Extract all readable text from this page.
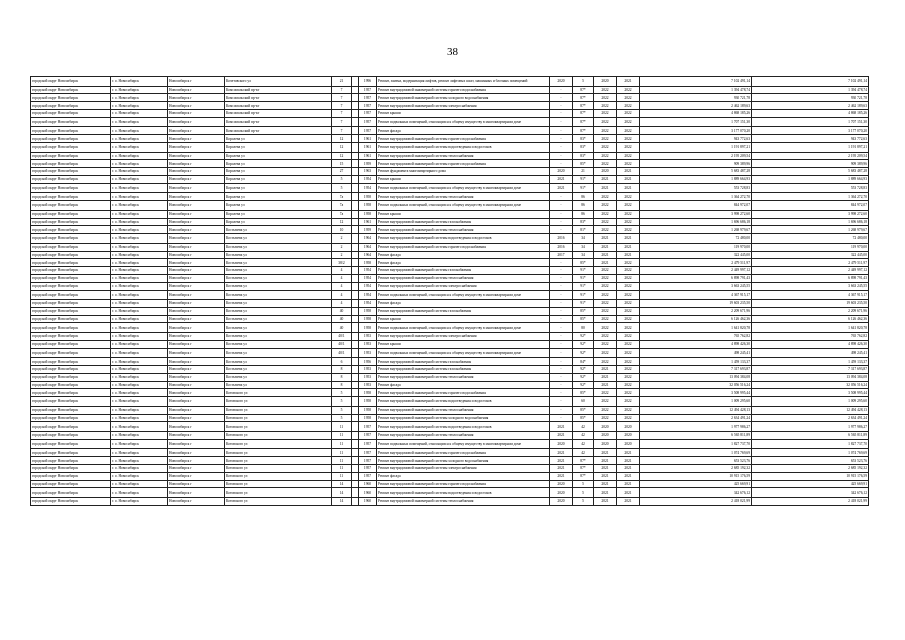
38
городской округ Новосибирск	г. о. Новосибирск	Новосибирск г	Кочетовского ул	21		1996	Ремонт, замена, модернизация лифтов, ремонт лифтовых шахт, машинных и блочных помещений	2020	5	2020	2021	7 102 491,14	7 102 491,14
городской округ Новосибирск	г. о. Новосибирск	Новосибирск г	Комсомольский пр-кт	7		1957	Ремонт внутридомовой инженерной системы горячего водоснабжения	-	87*	2022	2022	1 394 478,74	1 394 478,74
городской округ Новосибирск	г. о. Новосибирск	Новосибирск г	Комсомольский пр-кт	7		1957	Ремонт внутридомовой инженерной системы холодного водоснабжения	-	87*	2022	2022	930 721,78	930 721,78
городской округ Новосибирск	г. о. Новосибирск	Новосибирск г	Комсомольский пр-кт	7		1957	Ремонт внутридомовой инженерной системы электроснабжения	-	87*	2022	2022	2 462 189,63	2 462 189,63
городской округ Новосибирск	г. о. Новосибирск	Новосибирск г	Комсомольский пр-кт	7		1957	Ремонт крыши	-	87*	2022	2022	4 868 185,26	4 868 185,26
городской округ Новосибирск	г. о. Новосибирск	Новосибирск г	Комсомольский пр-кт	7		1957	Ремонт подвальных помещений, относящихся к общему имуществу в многоквартирном доме	-	87*	2022	2022	1 707 151,30	1 707 151,30
городской округ Новосибирск	г. о. Новосибирск	Новосибирск г	Комсомольский пр-кт	7		1957	Ремонт фасада	-	87*	2022	2022	3 177 070,20	3 177 070,20
городской округ Новосибирск	г. о. Новосибирск	Новосибирск г	Королева ул	12		1961	Ремонт внутридомовой инженерной системы горячего водоснабжения	-	83*	2022	2022	943 772,63	943 772,63
городской округ Новосибирск	г. о. Новосибирск	Новосибирск г	Королева ул	12		1961	Ремонт внутридомовой инженерной системы водоотведения и водостоков	-	83*	2022	2022	1 191 897,21	1 191 897,21
городской округ Новосибирск	г. о. Новосибирск	Новосибирск г	Королева ул	12		1961	Ремонт внутридомовой инженерной системы теплоснабжения	-	83*	2022	2022	2 195 209,54	2 195 209,54
городской округ Новосибирск	г. о. Новосибирск	Новосибирск г	Королева ул	15		1959	Ремонт внутридомовой инженерной системы горячего водоснабжения	-	85*	2022	2022	909 389,96	909 389,96
городской округ Новосибирск	г. о. Новосибирск	Новосибирск г	Королева ул	27		1963	Ремонт фундамента многоквартирного дома	2020	21	2020	2021	5 683 487,28	5 683 487,28
городской округ Новосибирск	г. о. Новосибирск	Новосибирск г	Королева ул	5		1954	Ремонт крыши	2021	91*	2021	2021	1 889 664,93	1 889 664,93
городской округ Новосибирск	г. о. Новосибирск	Новосибирск г	Королева ул	5		1954	Ремонт подвальных помещений, относящихся к общему имуществу в многоквартирном доме	2021	91*	2021	2021	553 728,83	553 728,83
городской округ Новосибирск	г. о. Новосибирск	Новосибирск г	Королева ул	7а		1958	Ремонт внутридомовой инженерной системы теплоснабжения	-	86	2022	2022	1 364 272,70	1 364 272,70
городской округ Новосибирск	г. о. Новосибирск	Новосибирск г	Королева ул	7а		1958	Ремонт подвальных помещений, относящихся к общему имуществу в многоквартирном доме	-	86	2022	2022	844 972,07	844 972,07
городской округ Новосибирск	г. о. Новосибирск	Новосибирск г	Королева ул	7а		1958	Ремонт крыши	-	86	2022	2022	3 998 272,60	3 998 272,60
городской округ Новосибирск	г. о. Новосибирск	Новосибирск г	Королева ул	12		1961	Ремонт внутридомовой инженерной системы газоснабжения	-	83*	2022	2022	1 696 686,18	1 696 686,18
городской округ Новосибирск	г. о. Новосибирск	Новосибирск г	Костычева ул	10		1959	Ремонт внутридомовой инженерной системы теплоснабжения	-	81*	2022	2022	1 268 979,67	1 268 979,67
городской округ Новосибирск	г. о. Новосибирск	Новосибирск г	Костычева ул	2		1964	Ремонт внутридомовой инженерной системы водоотведения и водостоков	2016	34	2021	2021	72 480,00	72 480,00
городской округ Новосибирск	г. о. Новосибирск	Новосибирск г	Костычева ул	2		1964	Ремонт внутридомовой инженерной системы горячего водоснабжения	2016	34	2021	2021	119 970,00	119 970,00
городской округ Новосибирск	г. о. Новосибирск	Новосибирск г	Костычева ул	2		1964	Ремонт фасада	2017	34	2021	2021	322 445,00	322 445,00
городской округ Новосибирск	г. о. Новосибирск	Новосибирск г	Костычева ул	38/2		1958	Ремонт фасада	-	85*	2021	2022	2 479 511,97	2 479 511,97
городской округ Новосибирск	г. о. Новосибирск	Новосибирск г	Костычева ул	4		1954	Ремонт внутридомовой инженерной системы газоснабжения	-	91*	2022	2022	2 449 997,12	2 449 997,12
городской округ Новосибирск	г. о. Новосибирск	Новосибирск г	Костычева ул	4		1954	Ремонт внутридомовой инженерной системы теплоснабжения	-	91*	2022	2022	6 898 791,43	6 898 791,43
городской округ Новосибирск	г. о. Новосибирск	Новосибирск г	Костычева ул	4		1954	Ремонт внутридомовой инженерной системы электроснабжения	-	91*	2022	2022	3 663 245,55	3 663 245,55
городской округ Новосибирск	г. о. Новосибирск	Новосибирск г	Костычева ул	4		1954	Ремонт подвальных помещений, относящихся к общему имуществу в многоквартирном доме	-	91*	2022	2022	4 367 915,17	4 367 915,17
городской округ Новосибирск	г. о. Новосибирск	Новосибирск г	Костычева ул	4		1954	Ремонт фасада	-	91*	2022	2022	19 603 235,50	19 603 235,50
городской округ Новосибирск	г. о. Новосибирск	Новосибирск г	Костычева ул	40		1958	Ремонт внутридомовой инженерной системы газоснабжения	-	85*	2022	2022	2 209 671,96	2 209 671,96
городской округ Новосибирск	г. о. Новосибирск	Новосибирск г	Костычева ул	40		1958	Ремонт крыши	-	85*	2022	2022	6 126 462,36	6 126 462,36
городской округ Новосибирск	г. о. Новосибирск	Новосибирск г	Костычева ул	40		1958	Ремонт подвальных помещений, относящихся к общему имуществу в многоквартирном доме	-	80	2022	2022	1 641 820,78	1 641 820,78
городской округ Новосибирск	г. о. Новосибирск	Новосибирск г	Костычева ул	40/1		1953	Ремонт внутридомовой инженерной системы электроснабжения	-	92*	2022	2022	765 762,82	765 762,82
городской округ Новосибирск	г. о. Новосибирск	Новосибирск г	Костычева ул	40/1		1953	Ремонт крыши	-	92*	2022	2022	4 898 426,30	4 898 426,30
городской округ Новосибирск	г. о. Новосибирск	Новосибирск г	Костычева ул	40/1		1953	Ремонт подвальных помещений, относящихся к общему имуществу в многоквартирном доме	-	92*	2022	2022	498 245,41	498 245,41
городской округ Новосибирск	г. о. Новосибирск	Новосибирск г	Костычева ул	6		1956	Ремонт внутридомовой инженерной системы газоснабжения	-	84*	2022	2022	1 459 133,37	1 459 133,37
городской округ Новосибирск	г. о. Новосибирск	Новосибирск г	Костычева ул	8		1953	Ремонт внутридомовой инженерной системы газоснабжения	-	92*	2021	2022	7 317 693,87	7 317 693,87
городской округ Новосибирск	г. о. Новосибирск	Новосибирск г	Костычева ул	8		1953	Ремонт внутридомовой инженерной системы теплоснабжения	-	92*	2021	2022	13 094 384,08	13 094 384,08
городской округ Новосибирск	г. о. Новосибирск	Новосибирск г	Костычева ул	8		1953	Ремонт фасада	-	92*	2021	2022	32 056 516,24	32 056 516,24
городской округ Новосибирск	г. о. Новосибирск	Новосибирск г	Котовского ул	5		1958	Ремонт внутридомовой инженерной системы горячего водоснабжения	-	85*	2022	2022	3 508 995,44	3 508 995,44
городской округ Новосибирск	г. о. Новосибирск	Новосибирск г	Котовского ул	5		1958	Ремонт внутридомовой инженерной системы водоотведения и водостоков	-	60	2022	2022	1 009 295,60	1 009 295,60
городской округ Новосибирск	г. о. Новосибирск	Новосибирск г	Котовского ул	5		1958	Ремонт внутридомовой инженерной системы теплоснабжения	-	85*	2022	2022	12 494 428,13	12 494 428,13
городской округ Новосибирск	г. о. Новосибирск	Новосибирск г	Котовского ул	5		1958	Ремонт внутридомовой инженерной системы холодного водоснабжения	-	85*	2022	2022	2 634 491,24	2 634 491,24
городской округ Новосибирск	г. о. Новосибирск	Новосибирск г	Котовского ул	11		1957	Ремонт внутридомовой инженерной системы водоотведения и водостоков	2021	42	2020	2020	1 977 986,27	1 977 986,27
городской округ Новосибирск	г. о. Новосибирск	Новосибирск г	Котовского ул	11		1957	Ремонт внутридомовой инженерной системы теплоснабжения	2021	42	2020	2020	6 565 811,89	6 565 811,89
городской округ Новосибирск	г. о. Новосибирск	Новосибирск г	Котовского ул	11		1957	Ремонт подвальных помещений, относящихся к общему имуществу в многоквартирном доме	2020	42	2020	2020	1 827 737,70	1 827 737,70
городской округ Новосибирск	г. о. Новосибирск	Новосибирск г	Котовского ул	11		1957	Ремонт внутридомовой инженерной системы горячего водоснабжения	2021	42	2021	2021	1 074 769,69	1 074 769,69
городской округ Новосибирск	г. о. Новосибирск	Новосибирск г	Котовского ул	11		1957	Ремонт внутридомовой инженерной системы холодного водоснабжения	2021	87*	2021	2021	653 523,76	653 523,76
городской округ Новосибирск	г. о. Новосибирск	Новосибирск г	Котовского ул	11		1957	Ремонт внутридомовой инженерной системы электроснабжения	2021	87*	2021	2021	2 685 192,32	2 685 192,32
городской округ Новосибирск	г. о. Новосибирск	Новосибирск г	Котовского ул	11		1957	Ремонт фасада	2021	87*	2021	2021	10 915 176,59	10 915 176,59
городской округ Новосибирск	г. о. Новосибирск	Новосибирск г	Котовского ул	14		1960	Ремонт внутридомовой инженерной системы горячего водоснабжения	2020	5	2021	2021	425 669,91	425 669,91
городской округ Новосибирск	г. о. Новосибирск	Новосибирск г	Котовского ул	14		1960	Ремонт внутридомовой инженерной системы водоотведения и водостоков	2020	5	2021	2021	342 676,12	342 676,12
городской округ Новосибирск	г. о. Новосибирск	Новосибирск г	Котовского ул	14		1960	Ремонт внутридомовой инженерной системы теплоснабжения	2020	5	2021	2021	2 418 021,99	2 418 021,99
